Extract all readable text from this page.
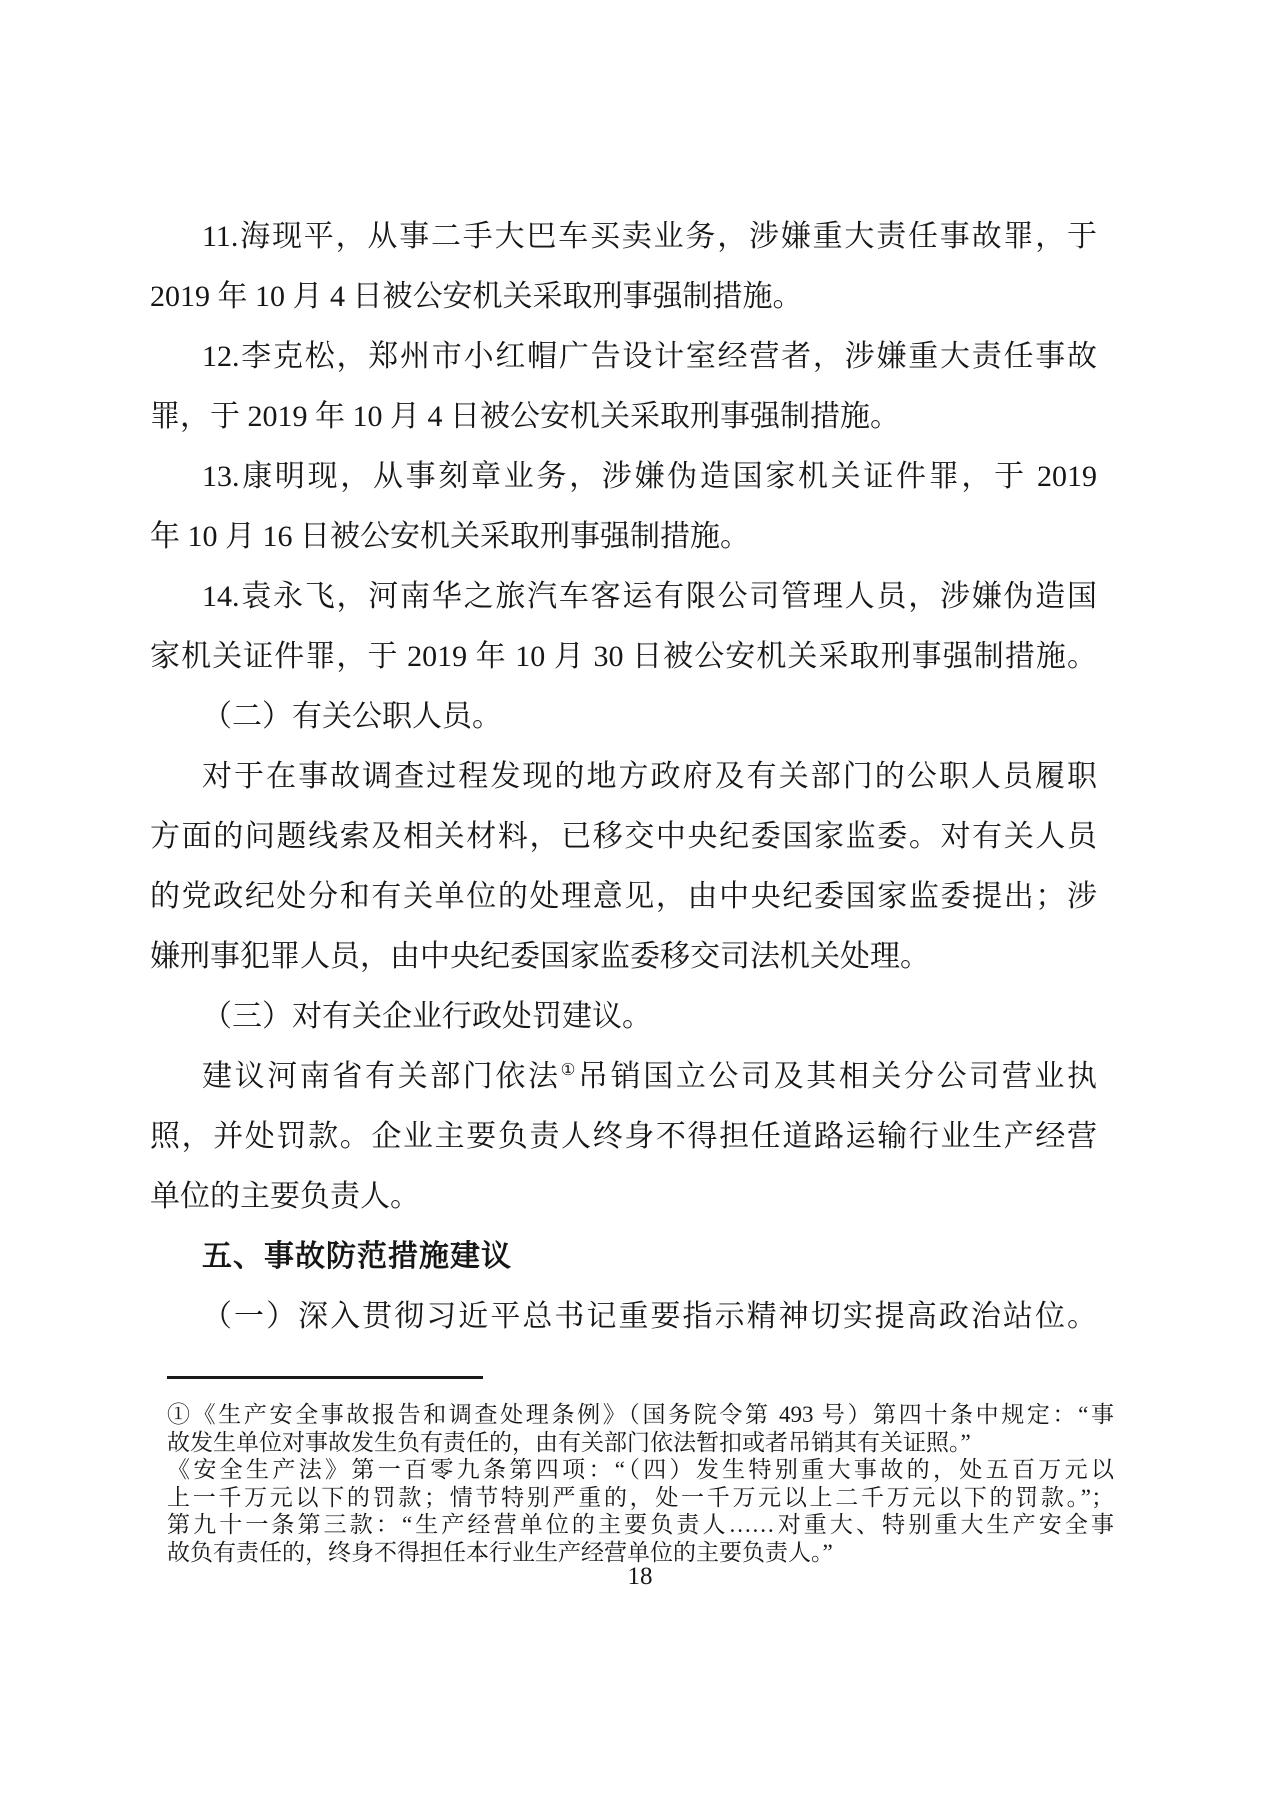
11.海现平，从事二手大巴车买卖业务，涉嫌重大责任事故罪，于
2019 年 10 月 4 日被公安机关采取刑事强制措施。
12.李克松，郑州市小红帽广告设计室经营者，涉嫌重大责任事故
罪，于 2019 年 10 月 4 日被公安机关采取刑事强制措施。
13.康明现，从事刻章业务，涉嫌伪造国家机关证件罪，于 2019
年 10 月 16 日被公安机关采取刑事强制措施。
14.袁永飞，河南华之旅汽车客运有限公司管理人员，涉嫌伪造国
家机关证件罪，于 2019 年 10 月 30 日被公安机关采取刑事强制措施。
（二）有关公职人员。
对于在事故调查过程发现的地方政府及有关部门的公职人员履职
方面的问题线索及相关材料，已移交中央纪委国家监委。对有关人员
的党政纪处分和有关单位的处理意见，由中央纪委国家监委提出；涉
嫌刑事犯罪人员，由中央纪委国家监委移交司法机关处理。
（三）对有关企业行政处罚建议。
建议河南省有关部门依法①吊销国立公司及其相关分公司营业执
照，并处罚款。企业主要负责人终身不得担任道路运输行业生产经营
单位的主要负责人。
五、事故防范措施建议
（一）深入贯彻习近平总书记重要指示精神切实提高政治站位。
①《生产安全事故报告和调查处理条例》（国务院令第 493 号）第四十条中规定：“事
故发生单位对事故发生负有责任的，由有关部门依法暂扣或者吊销其有关证照。”
《安全生产法》第一百零九条第四项：“（四）发生特别重大事故的，处五百万元以
上一千万元以下的罚款；情节特别严重的，处一千万元以上二千万元以下的罚款。”；
第九十一条第三款：“生产经营单位的主要负责人……对重大、特别重大生产安全事
故负有责任的，终身不得担任本行业生产经营单位的主要负责人。”
18
